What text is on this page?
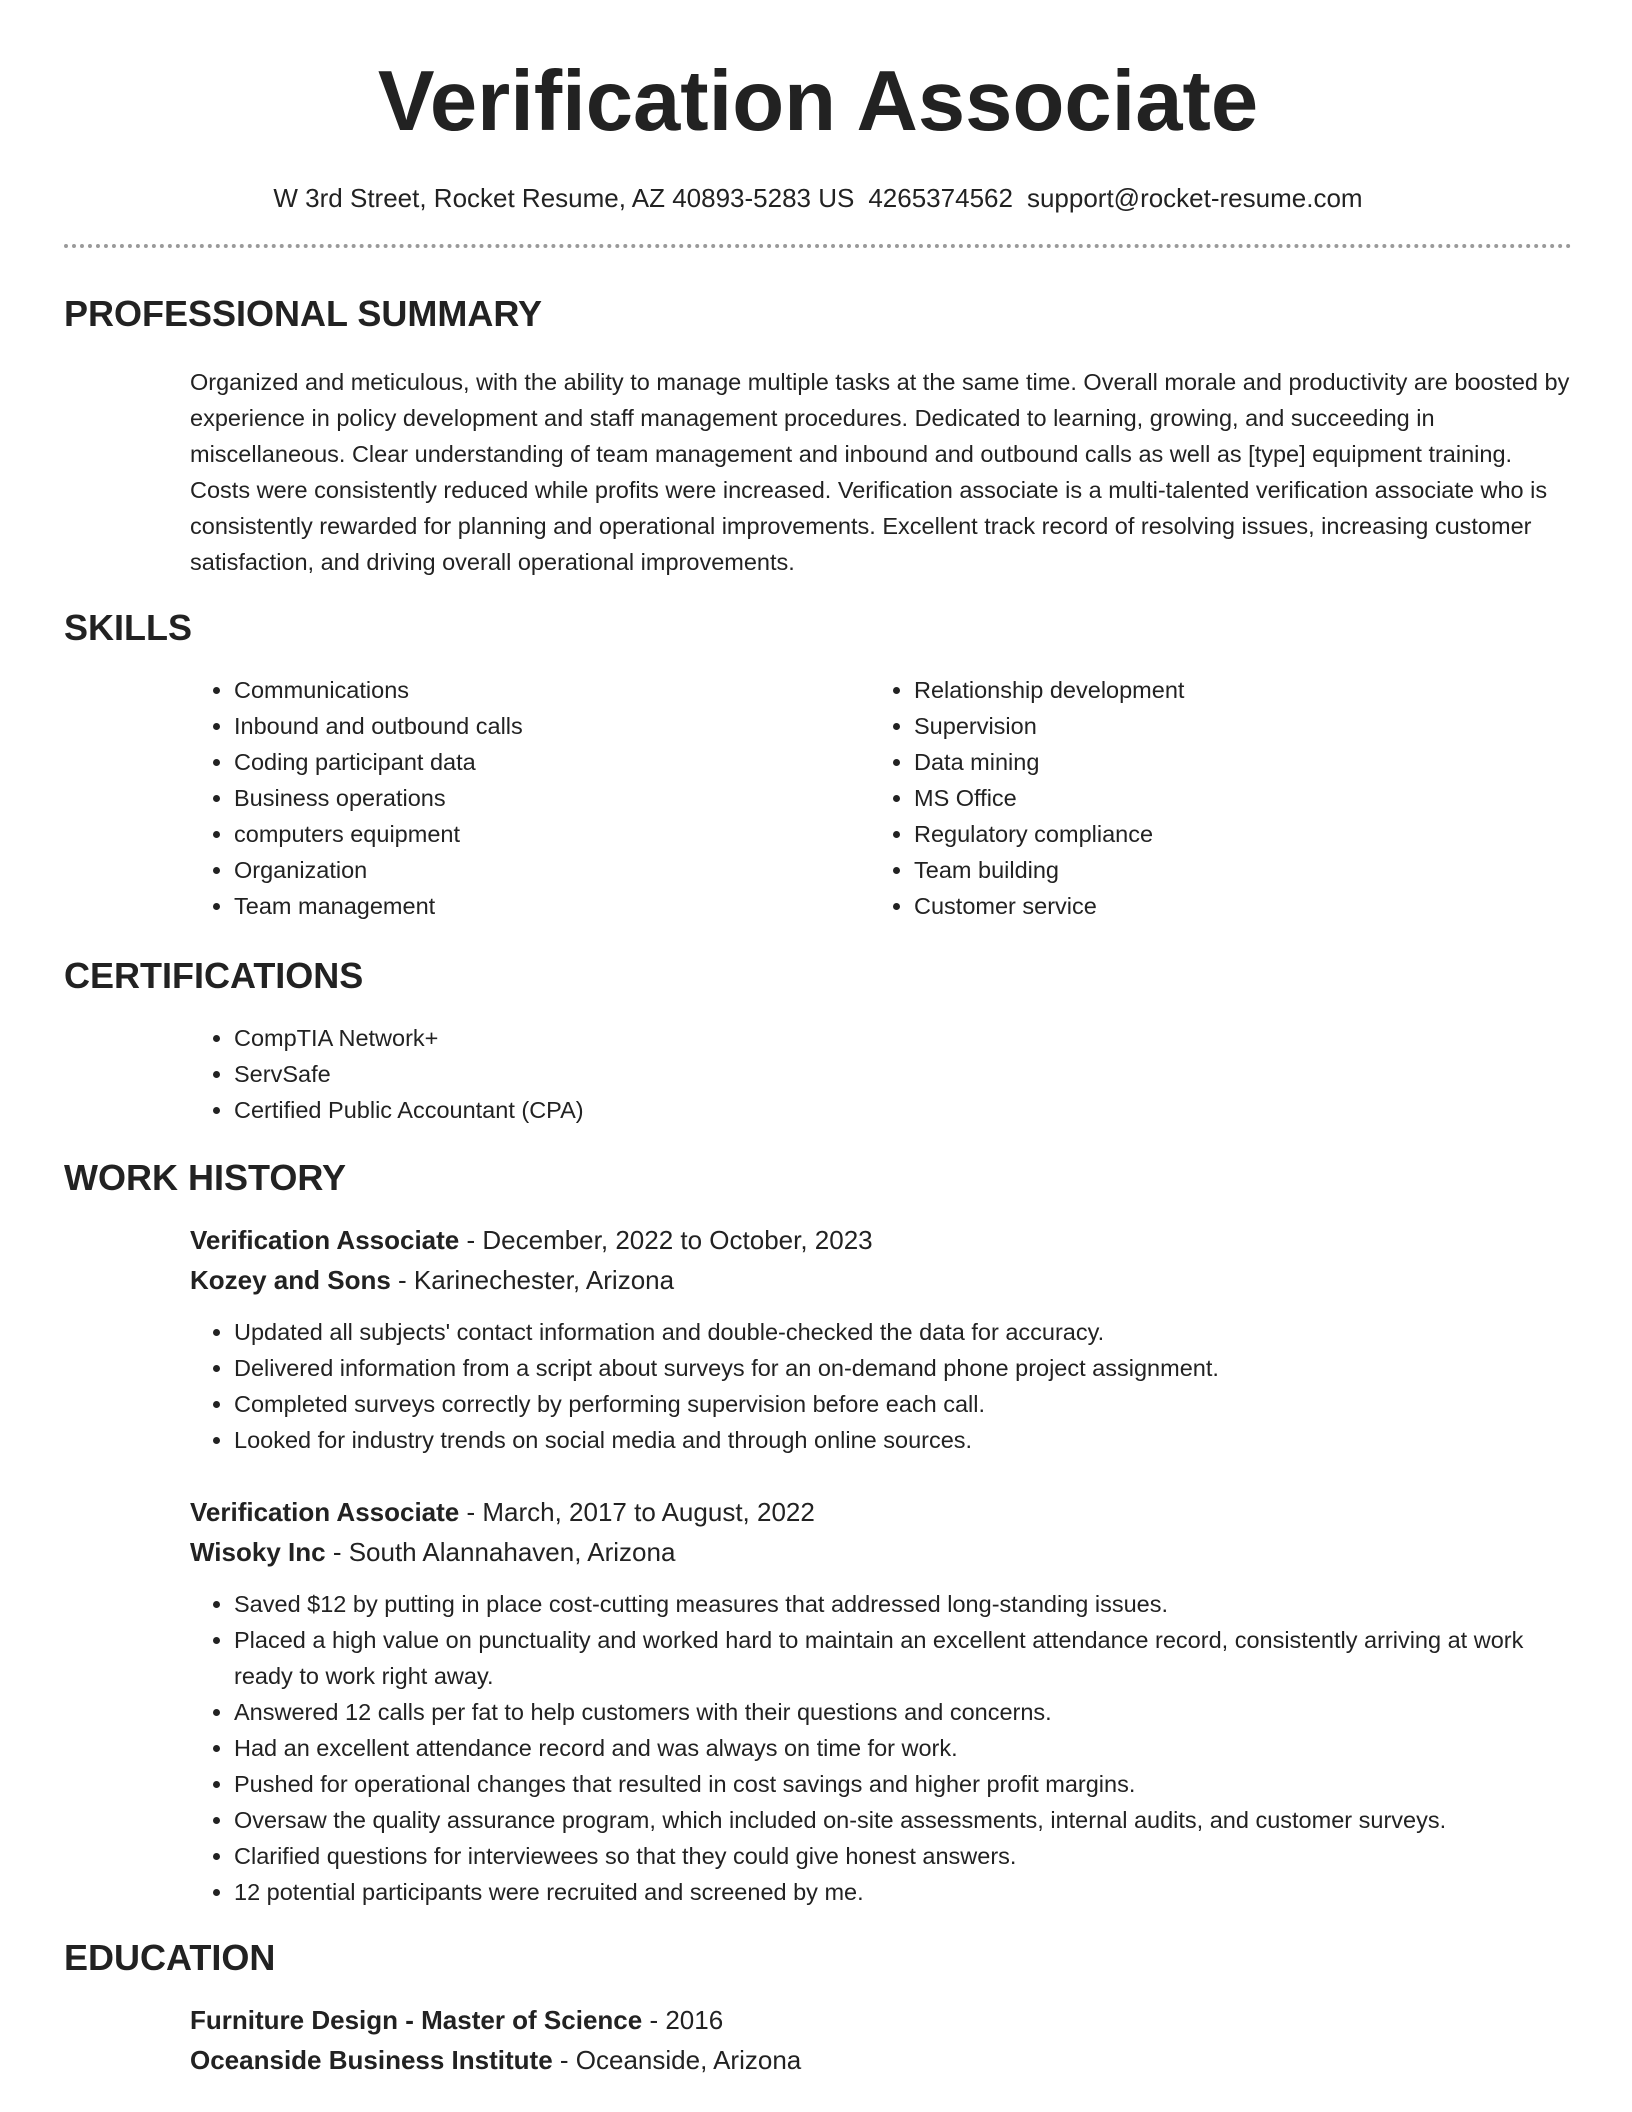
Verification Associate
W 3rd Street, Rocket Resume, AZ 40893-5283 US 4265374562 support@rocket-resume.com
PROFESSIONAL SUMMARY

Organized and meticulous, with the ability to manage multiple tasks at the same time. Overall morale and productivity are boosted by experience in policy development and staff management procedures. Dedicated to learning, growing, and succeeding in miscellaneous. Clear understanding of team management and inbound and outbound calls as well as [type] equipment training. Costs were consistently reduced while profits were increased. Verification associate is a multi-talented verification associate who is consistently rewarded for planning and operational improvements. Excellent track record of resolving issues, increasing customer satisfaction, and driving overall operational improvements.

SKILLS
• Communications
• Inbound and outbound calls
• Coding participant data
• Business operations
• computers equipment
• Organization
• Team management
• Relationship development
• Supervision
• Data mining
• MS Office
• Regulatory compliance
• Team building
• Customer service
CERTIFICATIONS
• CompTIA Network+
• ServSafe
• Certified Public Accountant (CPA)
WORK HISTORY
Verification Associate - December, 2022 to October, 2023
Kozey and Sons - Karinechester, Arizona
• Updated all subjects' contact information and double-checked the data for accuracy.
• Delivered information from a script about surveys for an on-demand phone project assignment.
• Completed surveys correctly by performing supervision before each call.
• Looked for industry trends on social media and through online sources.
Verification Associate - March, 2017 to August, 2022
Wisoky Inc - South Alannahaven, Arizona
• Saved $12 by putting in place cost-cutting measures that addressed long-standing issues.
• Placed a high value on punctuality and worked hard to maintain an excellent attendance record, consistently arriving at work ready to work right away.
• Answered 12 calls per fat to help customers with their questions and concerns.
• Had an excellent attendance record and was always on time for work.
• Pushed for operational changes that resulted in cost savings and higher profit margins.
• Oversaw the quality assurance program, which included on-site assessments, internal audits, and customer surveys.
• Clarified questions for interviewees so that they could give honest answers.
• 12 potential participants were recruited and screened by me.
EDUCATION
Furniture Design - Master of Science - 2016
Oceanside Business Institute - Oceanside, Arizona
